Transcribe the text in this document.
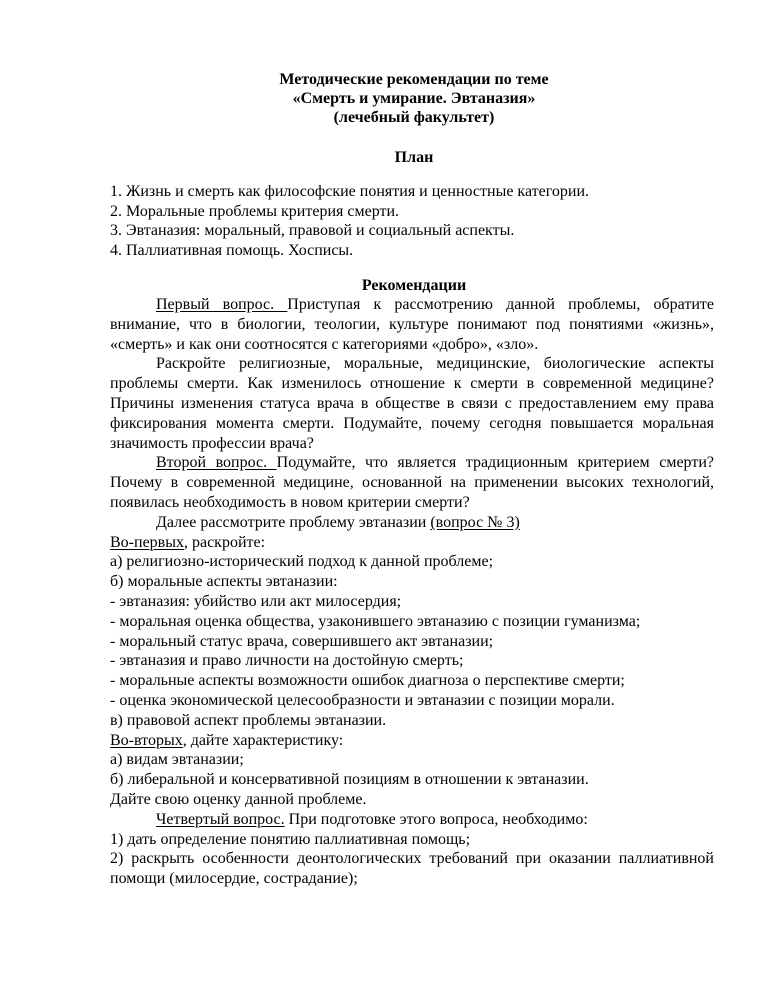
Методические рекомендации по теме
«Смерть и умирание. Эвтаназия»
(лечебный факультет)
План
1. Жизнь и смерть как философские понятия и ценностные категории.
2. Моральные проблемы критерия смерти.
3. Эвтаназия: моральный, правовой и социальный аспекты.
4. Паллиативная помощь. Хосписы.
Рекомендации

Первый вопрос. Приступая к рассмотрению данной проблемы, обратите внимание, что в биологии, теологии, культуре понимают под понятиями «жизнь», «смерть» и как они соотносятся с категориями «добро», «зло».

Раскройте религиозные, моральные, медицинские, биологические аспекты проблемы смерти. Как изменилось отношение к смерти в современной медицине? Причины изменения статуса врача в обществе в связи с предоставлением ему права фиксирования момента смерти. Подумайте, почему сегодня повышается моральная значимость профессии врача?

Второй вопрос. Подумайте, что является традиционным критерием смерти? Почему в современной медицине, основанной на применении высоких технологий, появилась необходимость в новом критерии смерти?

Далее рассмотрите проблему эвтаназии (вопрос № 3)

Во-первых, раскройте:

а) религиозно-исторический подход к данной проблеме;

б) моральные аспекты эвтаназии:

- эвтаназия: убийство или акт милосердия;

- моральная оценка общества, узаконившего эвтаназию с позиции гуманизма;

- моральный статус врача, совершившего акт эвтаназии;

- эвтаназия и право личности на достойную смерть;

- моральные аспекты возможности ошибок диагноза о перспективе смерти;

- оценка экономической целесообразности и эвтаназии с позиции морали.

в) правовой аспект проблемы эвтаназии.

Во-вторых, дайте характеристику:

а) видам эвтаназии;

б) либеральной и консервативной позициям в отношении к эвтаназии.

Дайте свою оценку данной проблеме.

Четвертый вопрос. При подготовке этого вопроса, необходимо:

1) дать определение понятию паллиативная помощь;

2) раскрыть особенности деонтологических требований при оказании паллиативной помощи (милосердие, сострадание);
